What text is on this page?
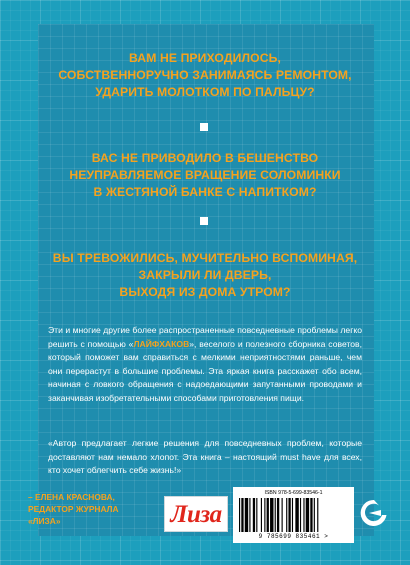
ВАМ НЕ ПРИХОДИЛОСЬ,
СОБСТВЕННОРУЧНО ЗАНИМАЯСЬ РЕМОНТОМ,
УДАРИТЬ МОЛОТКОМ ПО ПАЛЬЦУ?

ВАС НЕ ПРИВОДИЛО В БЕШЕНСТВО
НЕУПРАВЛЯЕМОЕ ВРАЩЕНИЕ СОЛОМИНКИ
В ЖЕСТЯНОЙ БАНКЕ С НАПИТКОМ?

ВЫ ТРЕВОЖИЛИСЬ, МУЧИТЕЛЬНО ВСПОМИНАЯ,
ЗАКРЫЛИ ЛИ ДВЕРЬ,
ВЫХОДЯ ИЗ ДОМА УТРОМ?

Эти и многие другие более распространенные повседневные проблемы легко решить с помощью «ЛАЙФХАКОВ», веселого и полезного сборника советов, который поможет вам справиться с мелкими неприятностями раньше, чем они перерастут в большие проблемы. Эта яркая книга расскажет обо всем, начиная с ловкого обращения с надоедающими запутанными проводами и заканчивая изобретательными способами приготовления пищи.

«Автор предлагает легкие решения для повседневных проблем, которые доставляют нам немало хлопот. Эта книга – настоящий must have для всех, кто хочет облегчить себе жизнь!»

– ЕЛЕНА КРАСНОВА,
РЕДАКТОР ЖУРНАЛА
«ЛИЗА»	Лиза
ISBN 978-5-699-83546-1
9 785699 835461 >
